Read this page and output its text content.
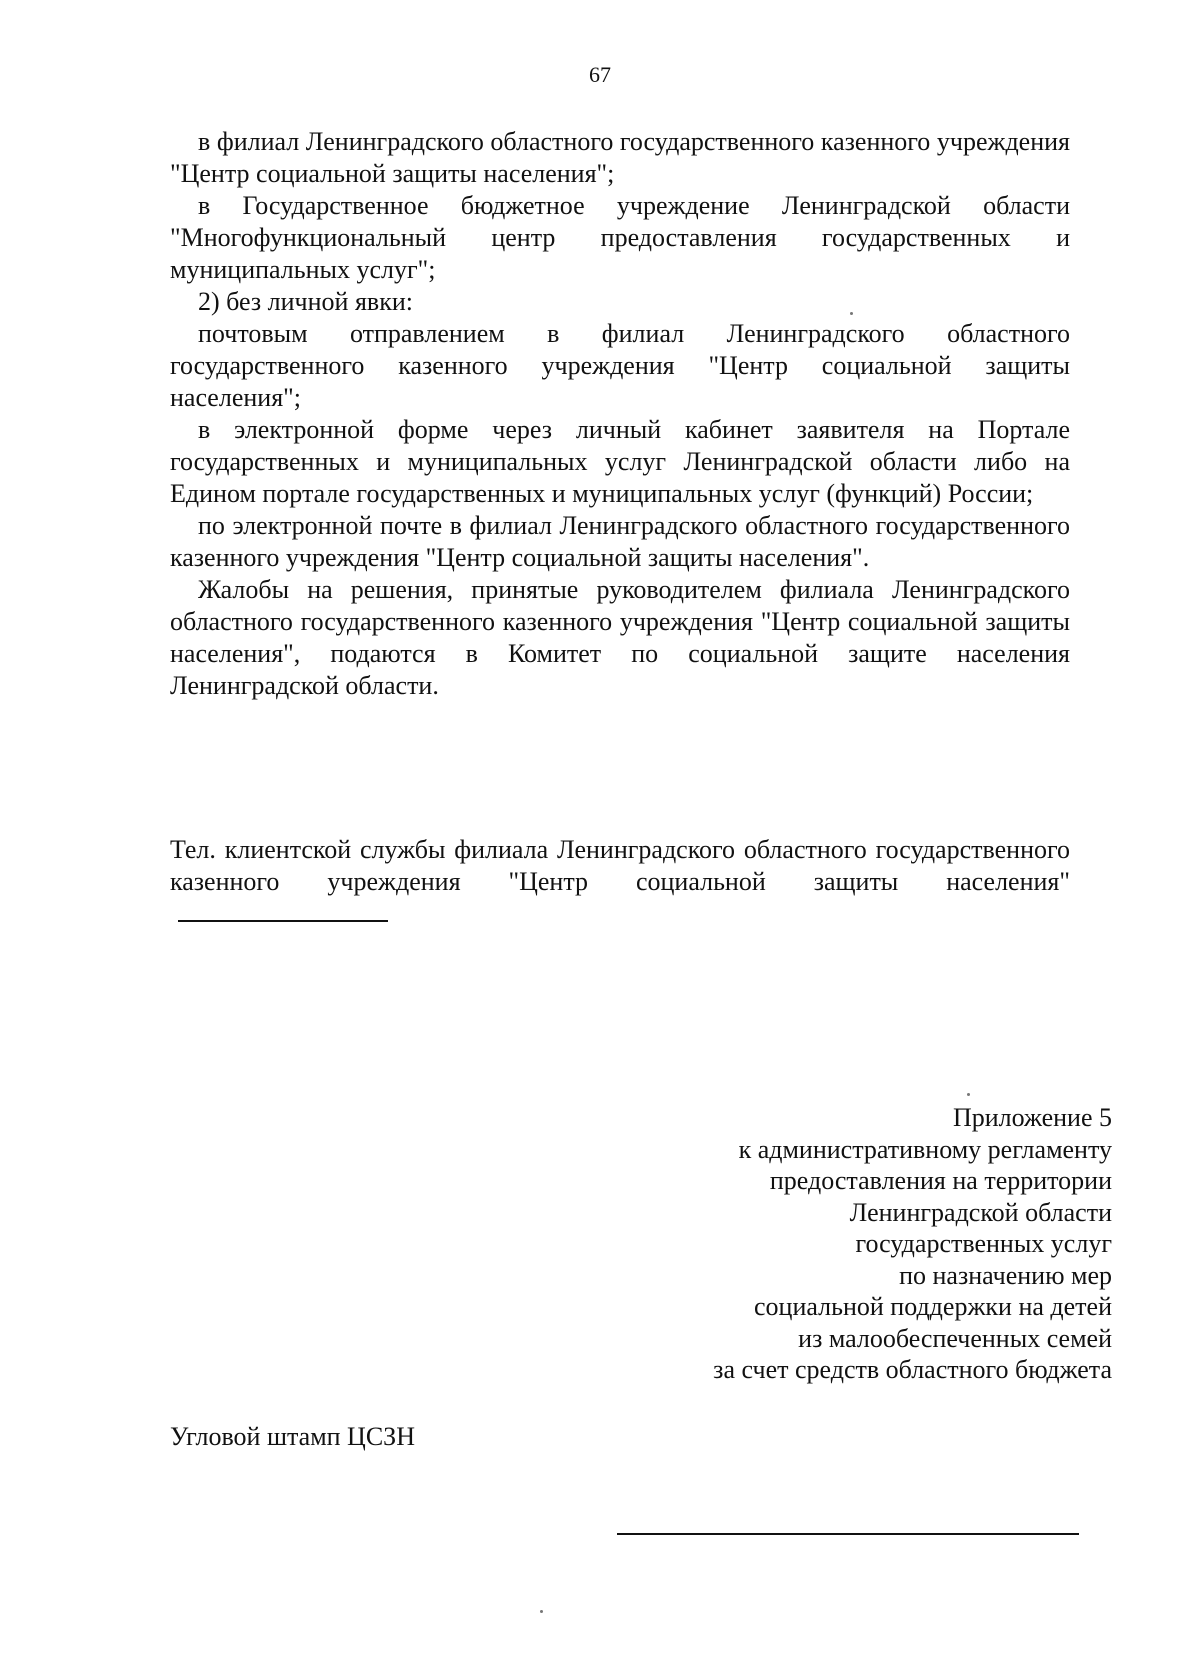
67

в филиал Ленинградского областного государственного казенного учреждения "Центр социальной защиты населения";

в Государственное бюджетное учреждение Ленинградской области "Многофункциональный центр предоставления государственных и муниципальных услуг";

2) без личной явки:

почтовым отправлением в филиал Ленинградского областного государственного казенного учреждения "Центр социальной защиты населения";

в электронной форме через личный кабинет заявителя на Портале государственных и муниципальных услуг Ленинградской области либо на Едином портале государственных и муниципальных услуг (функций) России;

по электронной почте в филиал Ленинградского областного государственного казенного учреждения "Центр социальной защиты населения".

Жалобы на решения, принятые руководителем филиала Ленинградского областного государственного казенного учреждения "Центр социальной защиты населения", подаются в Комитет по социальной защите населения Ленинградской области.

Тел. клиентской службы филиала Ленинградского областного государственного казенного учреждения "Центр социальной защиты населения"

Приложение 5
к административному регламенту
предоставления на территории
Ленинградской области
государственных услуг
по назначению мер
социальной поддержки на детей
из малообеспеченных семей
за счет средств областного бюджета
Угловой штамп ЦСЗН
